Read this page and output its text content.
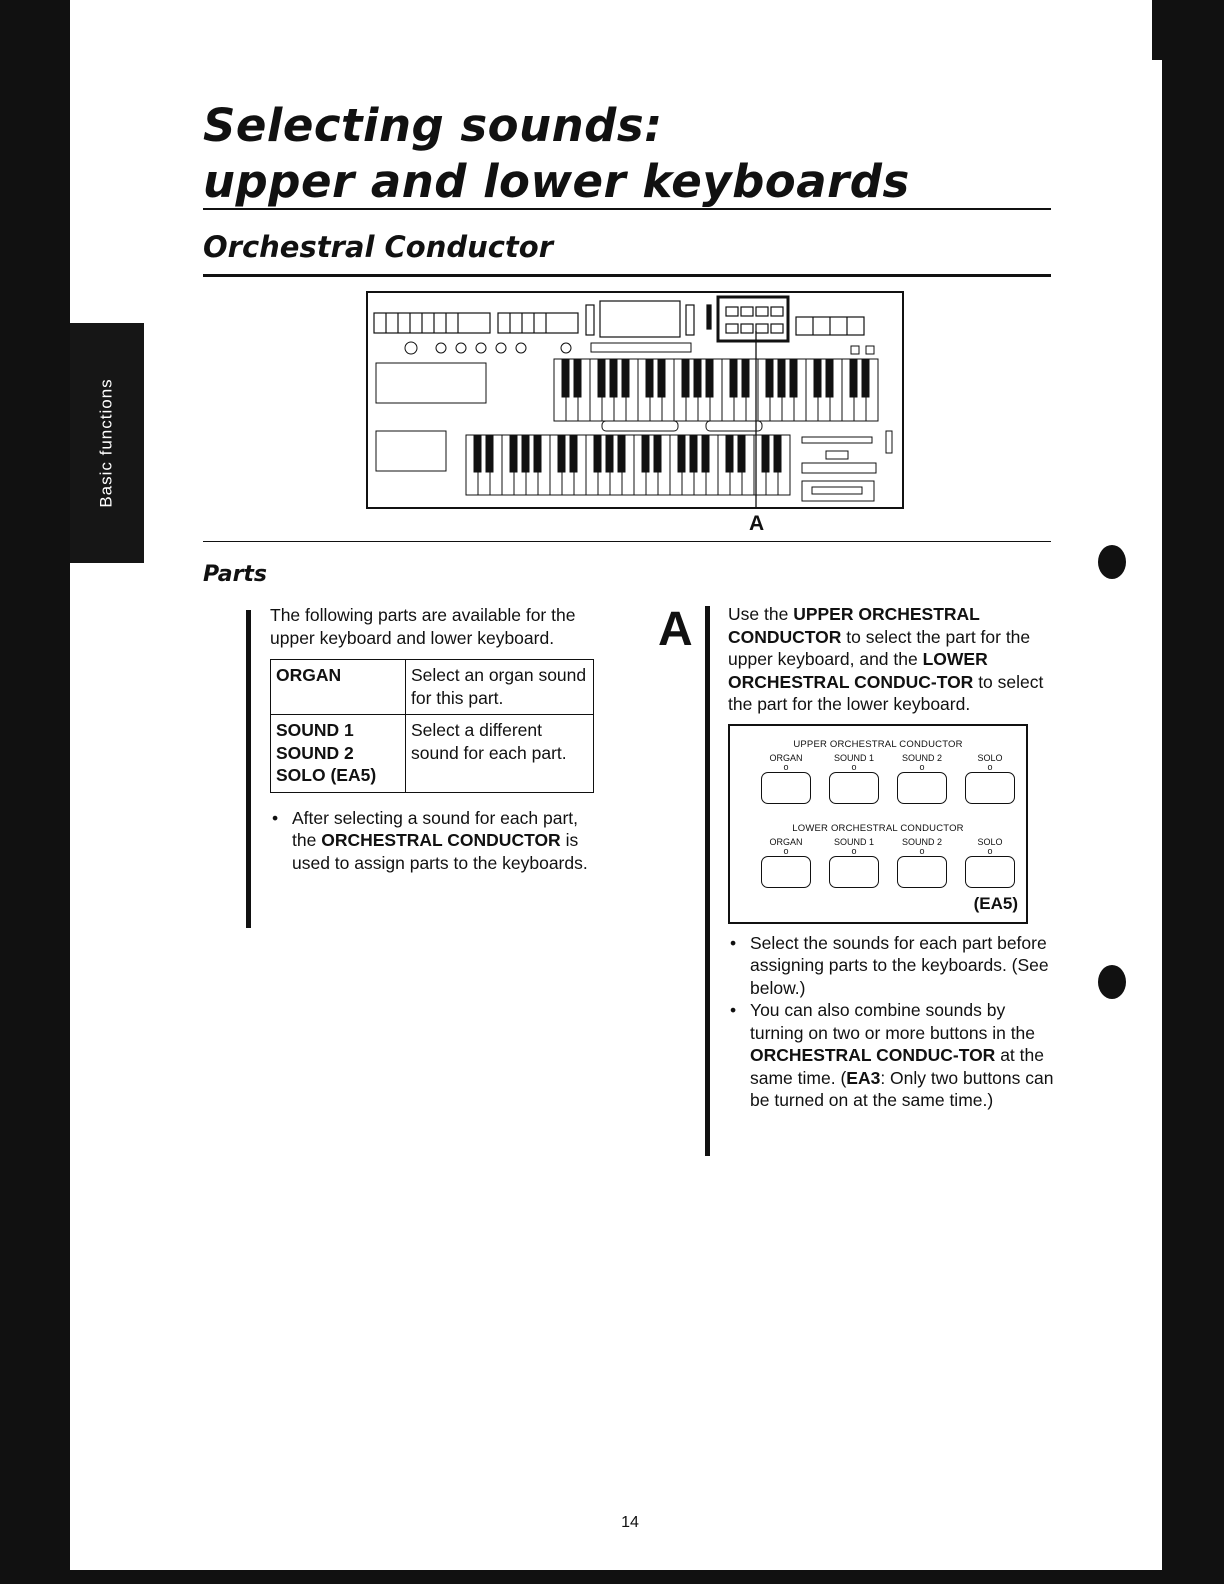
Basic functions
Selecting sounds:
upper and lower keyboards
Orchestral Conductor
A
Parts

The following parts are available for the upper keyboard and lower keyboard.

ORGAN	Select an organ sound for this part.

SOUND 1
SOUND 2
SOLO (EA5)	Select a different sound for each part.
• After selecting a sound for each part, the ORCHESTRAL CONDUCTOR is used to assign parts to the keyboards.
A Use the UPPER ORCHESTRAL CONDUCTOR to select the part for the upper keyboard, and the LOWER ORCHESTRAL CONDUC-TOR to select the part for the lower keyboard.

UPPER ORCHESTRAL CONDUCTOR
ORGAN	SOUND 1	SOUND 2	SOLO
o	o	o	o
LOWER ORCHESTRAL CONDUCTOR
ORGAN	SOUND 1	SOUND 2	SOLO
o	o	o	o
(EA5)
• Select the sounds for each part before assigning parts to the keyboards. (See below.)
• You can also combine sounds by turning on two or more buttons in the ORCHESTRAL CONDUC-TOR at the same time. (EA3: Only two buttons can be turned on at the same time.)
14
